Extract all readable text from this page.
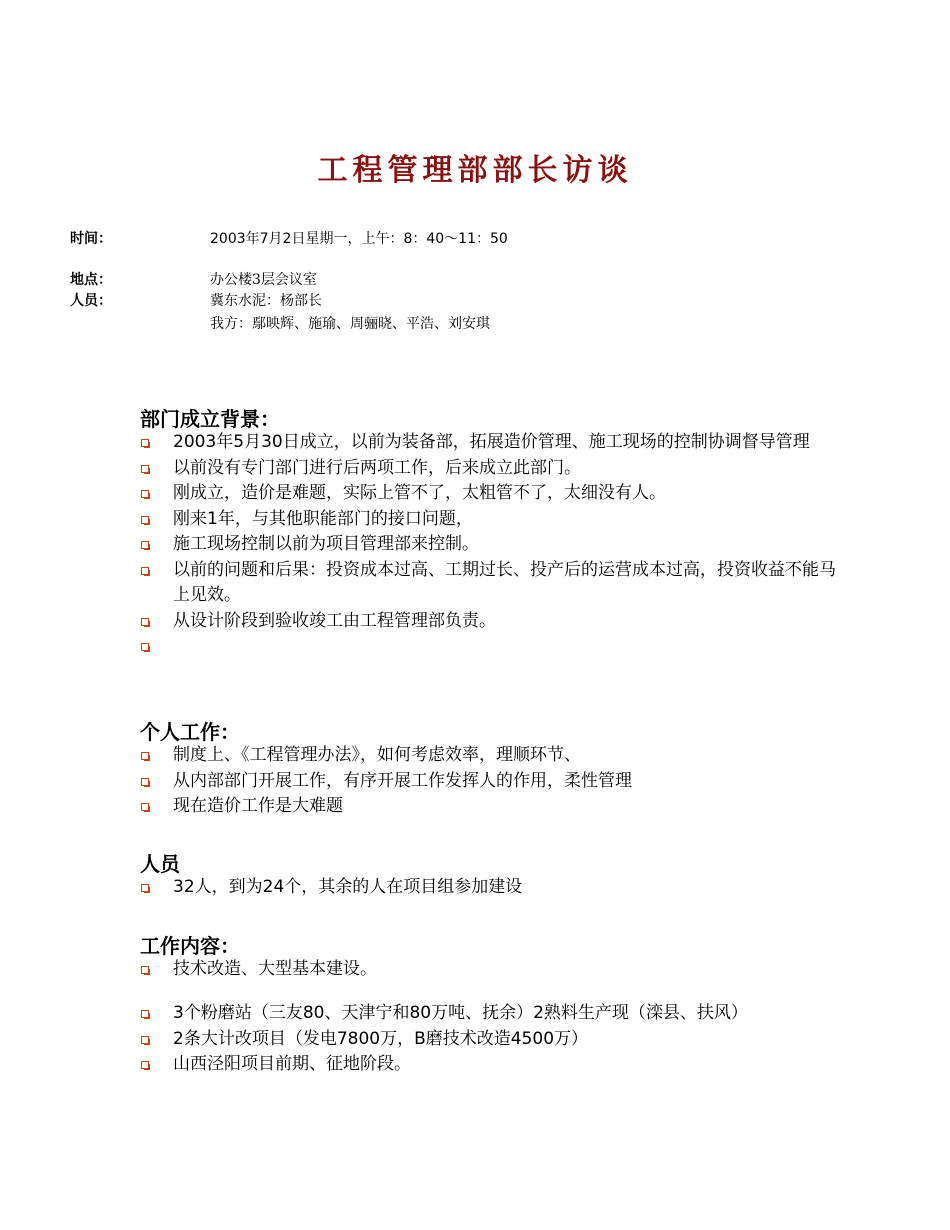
工程管理部部长访谈
时间：	2003年7月2日星期一，上午：8：40～11：50
地点：	办公楼3层会议室
人员：	冀东水泥：杨部长
我方：鄢映辉、施瑜、周骊晓、平浩、刘安琪
部门成立背景：
2003年5月30日成立，以前为装备部，拓展造价管理、施工现场的控制协调督导管理
以前没有专门部门进行后两项工作，后来成立此部门。
刚成立，造价是难题，实际上管不了，太粗管不了，太细没有人。
刚来1年，与其他职能部门的接口问题，
施工现场控制以前为项目管理部来控制。
以前的问题和后果：投资成本过高、工期过长、投产后的运营成本过高，投资收益不能马上见效。
从设计阶段到验收竣工由工程管理部负责。
个人工作：
制度上、《工程管理办法》，如何考虑效率，理顺环节、
从内部部门开展工作，有序开展工作发挥人的作用，柔性管理
现在造价工作是大难题
人员
32人，到为24个，其余的人在项目组参加建设
工作内容：
技术改造、大型基本建设。
3个粉磨站（三友80、天津宁和80万吨、抚余）2熟料生产现（滦县、扶风）
2条大计改项目（发电7800万，B磨技术改造4500万）
山西泾阳项目前期、征地阶段。
